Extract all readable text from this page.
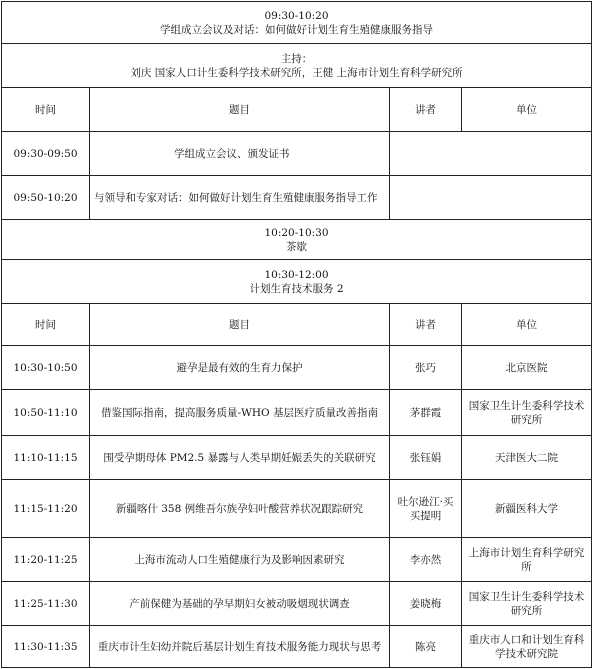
09:30-10:20
学组成立会议及对话：如何做好计划生育生殖健康服务指导			

主持：
刘庆 国家人口计生委科学技术研究所，王健 上海市计划生育科学研究所			

时间	题目	讲者	单位
09:30-09:50	学组成立会议、颁发证书		
09:50-10:20	与领导和专家对话：如何做好计划生育生殖健康服务指导工作		

10:20-10:30
茶歇			

10:30-12:00
计划生育技术服务 2			

时间	题目	讲者	单位
10:30-10:50	避孕是最有效的生育力保护	张巧	北京医院
10:50-11:10	借鉴国际指南，提高服务质量-WHO 基层医疗质量改善指南	茅群霞	国家卫生计生委科学技术研究所
11:10-11:15	围受孕期母体 PM2.5 暴露与人类早期妊娠丢失的关联研究	张钰娟	天津医大二院
11:15-11:20	新疆喀什 358 例维吾尔族孕妇叶酸营养状况跟踪研究	吐尔逊江·买买提明	新疆医科大学
11:20-11:25	上海市流动人口生殖健康行为及影响因素研究	李亦然	上海市计划生育科学研究所
11:25-11:30	产前保健为基础的孕早期妇女被动吸烟现状调查	姜晓梅	国家卫生计生委科学技术研究所
11:30-11:35	重庆市计生妇幼并院后基层计划生育技术服务能力现状与思考	陈亮	重庆市人口和计划生育科学技术研究院
